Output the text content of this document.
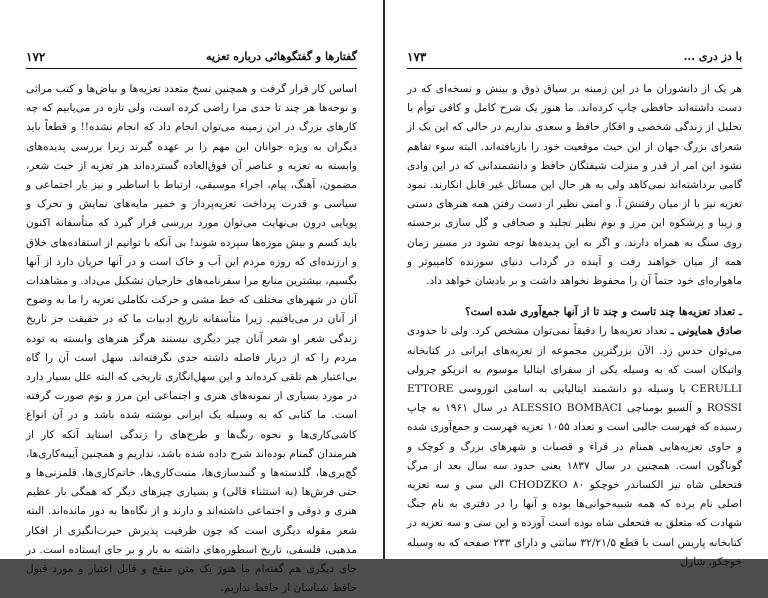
۱۷۲	گفتارها و گفتگوهائی درباره تعزیه

اساس کار قرار گرفت و همچنین نسخ متعدد تعزیه‌ها و بیاض‌ها و کتب مراثی و نوحه‌ها هر چند تا حدی مرا راضی کرده است، ولی تازه در می‌یابیم که چه کارهای بزرگ در این زمینه می‌توان انجام داد که انجام نشده!! و قطعاً باید دیگران به ویژه جوانان این مهم را بر عهده گیرند زیرا بررسی پدیده‌های وابسته به تعزیه و عناصر آن فوق‌العاده گسترده‌اند هر تعزیه از حیث شعر، مضمون، آهنگ، پیام، اجراء موسیقی، ارتباط با اساطیر و نیز بار اجتماعی و سیاسی و قدرت پرداخت تعزیه‌پرداز و خمیر مایه‌های نمایش و تحرک و پویایی درون بی‌نهایت می‌توان مورد بررسی قرار گیرد که متأسفانه اکنون باید کسم و بیش موزه‌ها سپرده شوند! بی آنکه با توانیم از استفاده‌های خلاق و ارزنده‌ای که روزه مردم این آب و خاک است و در آنها جریان دارد از آنها بگسیم، بیشترین منابع مرا سفرنامه‌های خارجیان تشکیل می‌داد. و مشاهدات آنان در شهرهای مختلف که خط مشی و حرکت تکاملی تعزیه را ما به وضوح از آنان در می‌یافتیم. زیرا متأسفانه تاریخ ادبیات ما که در حقیقت جز تاریخ زندگی شعر او شعر آنان چیز دیگری نیستند هرگز هنرهای وابسته به توده مردم را که از دربار فاصله داشته جدی نگرفته‌اند. سهل است آن را گاه بی‌اعتبار هم تلقی کرده‌اند و این سهل‌انگاری تاریخی که البته علل بسیار دارد در مورد بسیاری از نمونه‌های هنری و اجتماعی این مرز و بوم صورت گرفته است. ما کتابی که به وسیله یک ایرانی نوشته شده باشد و در آن انواع کاشی‌کاری‌ها و نحوه رنگ‌ها و طرح‌های را زندگی استاید آنکه کار از هنرمندان گمنام بوده‌اند شرح داده شده باشد، نداریم و همچنین آیینه‌کاری‌ها، گچ‌بری‌ها، گلدسته‌ها و گنبدسازی‌ها، منبت‌کاری‌ها، خاتم‌کاری‌ها، قلمزنی‌ها و حتی فرش‌ها (به استثناء قالی) و بسیاری چیزهای دیگر که همگی بار عظیم هنری و ذوقی و اجتماعی داشته‌اند و دارند و از نگاه‌ها به دور مانده‌اند. البته شعر مقوله دیگری است که چون ظرفیت پذیرش حیرت‌انگیزی از افکار مذهبی، فلسفی، تاریخ اسطوره‌های داشته به بار و بر جای ایستاده است. در جای دیگری هم گفته‌ام ما هنوز یک متن منقح و قابل اعتبار و مورد قبول حافظ شناسان از حافظ نداریم.

۱۷۳	با دز دری ...

هر یک از دانشوران ما در این زمینه بر سیاق ذوق و بینش و نسخه‌ای که در دست داشته‌اند حافظی چاپ کرده‌اند. ما هنوز یک شرح کامل و کافی توأم با تحلیل از زندگی شخصی و افکار حافظ و سعدی نداریم در حالی که این یک از شعرای بزرگ جهان از این حیث موقعیت خود را بازیافته‌اند. البته سوء تفاهم نشود این امر از قدر و منزلت شیفتگان حافظ و دانشمندانی که در این وادی گامی برداشته‌اند نمی‌کاهد ولی به هر حال این مسائل غیر قابل انکارند. نمود تعزیه نیز با از میان رفتنش آ. و امنی نظیر از دست رفتن همه هنرهای دستی و زیبا و پرشکوه این مرز و بوم نظیر تجلید و صحافی و گل سازی برجسته روی سنگ به همراه دارند. و اگر به این پدیده‌ها توجه نشود در مسیر زمان همه از میان خواهند رفت و آینده در گرداب دنیای سوزنده کامپیوتر و ماهواره‌ای خود حتماً آن را محفوظ نخواهد داشت و بر بادشان خواهد داد.

ـ تعداد تعزیه‌ها چند تاست و چند تا از آنها جمع‌آوری شده است؟

صادق همایونی ـ تعداد تعزیه‌ها را دقیقاً نمی‌توان مشخص کرد. ولی تا حدودی می‌توان حدس زد. الآن بزرگترین مجموعه از تعزیه‌های ایرانی در کتابخانه واتیکان است که به وسیله یکی از سفرای ایتالیا موسوم به انریکو چرولی CERULLI یا وسیله دو دانشمند ایتالیایی به اسامی اتوروسی ETTORE ROSSI و آلسیو بومباچی ALESSIO BOMBACI در سال ۱۹۶۱ به چاپ رسیده که فهرست جالبی است و تعداد ۱۰۵۵ تعزیه فهرست و جمع‌آوری شده و حاوی تعزیه‌هایی همنام در قراء و قصبات و شهرهای بزرگ و کوچک و گوناگون است. همچنین در سال ۱۸۳۷ یعنی حدود سه سال بعد از مرگ فتحعلی شاه نیز الکساندر خوچکو CHODZKO ۸۰ الی سی و سه تعزیه اصلی نام برده که همه شبیه‌خوانی‌ها بوده و آنها را در دفتری به نام جنگ شهادت که متعلق به فتحعلی شاه بوده است آورده و این سی و سه تعزیه در کتابخانه پاریس است با قطع ۳۲/۲۱/۵ سانتی و دارای ۲۳۳ صفحه که به وسیله خوچکو. شارل
